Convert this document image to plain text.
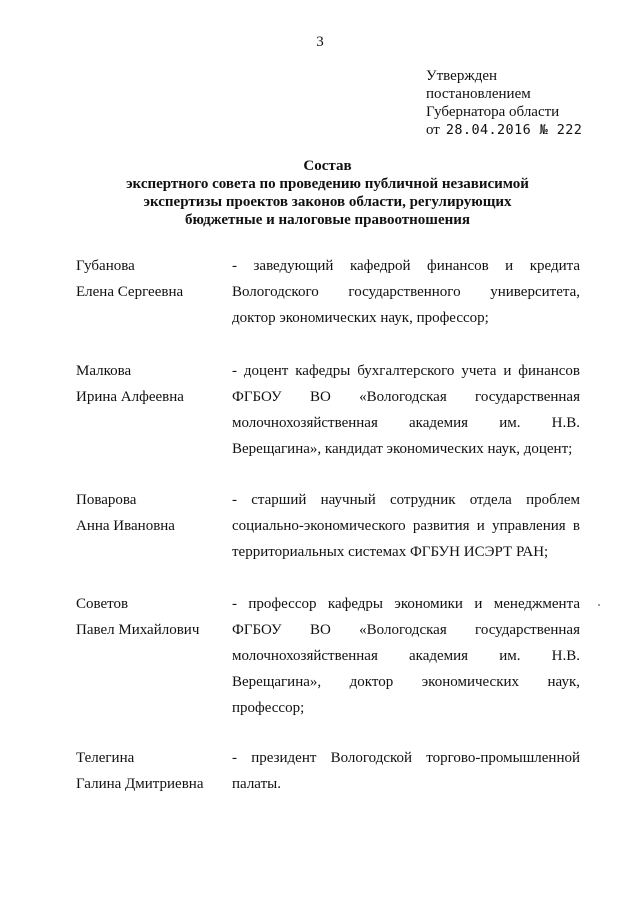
3
Утвержден
постановлением
Губернатора области
от 28.04.2016 № 222
Состав
экспертного совета по проведению публичной независимой
экспертизы проектов законов области, регулирующих
бюджетные и налоговые правоотношения
Губанова
Елена Сергеевна
- заведующий кафедрой финансов и кредита
Вологодского государственного университета,
доктор экономических наук, профессор;
Малкова
Ирина Алфеевна
- доцент кафедры бухгалтерского учета и финансов
ФГБОУ ВО «Вологодская государственная
молочнохозяйственная академия им. Н.В.
Верещагина», кандидат экономических наук, доцент;
Поварова
Анна Ивановна
- старший научный сотрудник отдела проблем
социально-экономического развития и управления в
территориальных системах ФГБУН ИСЭРТ РАН;
Советов
Павел Михайлович
- профессор кафедры экономики и менеджмента
ФГБОУ ВО «Вологодская государственная
молочнохозяйственная академия им. Н.В.
Верещагина», доктор экономических наук,
профессор;
Телегина
Галина Дмитриевна
- президент Вологодской торгово-промышленной
палаты.
